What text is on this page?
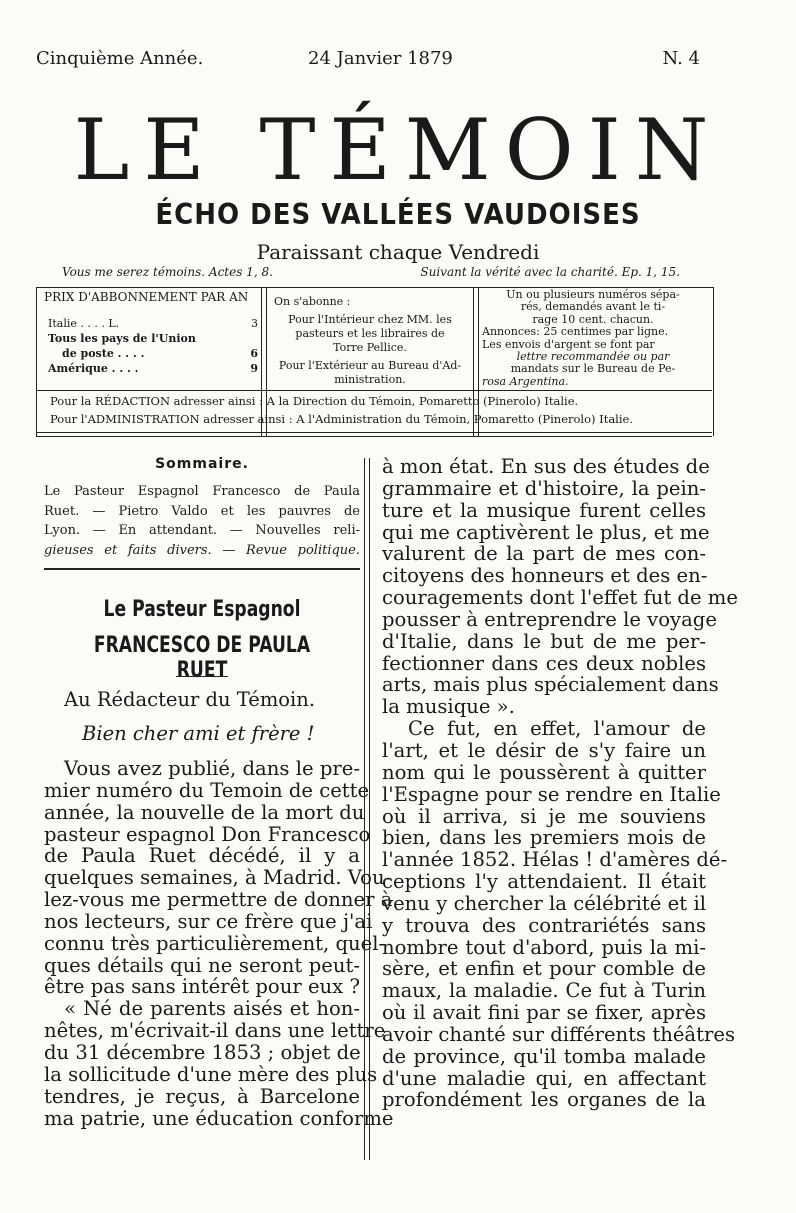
Cinquième Année.	24 Janvier 1879	N. 4
LE TÉMOIN
ÉCHO DES VALLÉES VAUDOISES
Paraissant chaque Vendredi
Vous me serez témoins. Actes 1, 8.	Suivant la vérité avec la charité. Ep. 1, 15.
PRIX D'ABBONNEMENT PAR AN
Italie . . . . L.	3
Tous les pays de l'Union
de poste . . . .	6
Amérique . . . .	9
On s'abonne :
Pour l'Intérieur chez MM. les
pasteurs et les libraires de
Torre Pellice.
Pour l'Extérieur au Bureau d'Ad-
ministration.
Un ou plusieurs numéros sépa-
rés, demandés avant le ti-
rage 10 cent. chacun.
Annonces: 25 centimes par ligne.
Les envois d'argent se font par
lettre recommandée ou par
mandats sur le Bureau de Pe-
rosa Argentina.
Pour la RÉDACTION adresser ainsi : A la Direction du Témoin, Pomaretto (Pinerolo) Italie.
Pour l'ADMINISTRATION adresser ainsi : A l'Administration du Témoin, Pomaretto (Pinerolo) Italie.
Sommaire.
Le Pasteur Espagnol Francesco de Paula
Ruet. — Pietro Valdo et les pauvres de
Lyon. — En attendant. — Nouvelles reli-
gieuses et faits divers. — Revue politique.
Le Pasteur Espagnol
FRANCESCO DE PAULA RUET
Au Rédacteur du Témoin.
Bien cher ami et frère !
Vous avez publié, dans le pre-
mier numéro du Temoin de cette
année, la nouvelle de la mort du
pasteur espagnol Don Francesco
de Paula Ruet décédé, il y a
quelques semaines, à Madrid. Vou-
lez-vous me permettre de donner à
nos lecteurs, sur ce frère que j'ai
connu très particulièrement, quel-
ques détails qui ne seront peut-
être pas sans intérêt pour eux ?
« Né de parents aisés et hon-
nêtes, m'écrivait-il dans une lettre
du 31 décembre 1853 ; objet de
la sollicitude d'une mère des plus
tendres, je reçus, à Barcelone
ma patrie, une éducation conforme
à mon état. En sus des études de
grammaire et d'histoire, la pein-
ture et la musique furent celles
qui me captivèrent le plus, et me
valurent de la part de mes con-
citoyens des honneurs et des en-
couragements dont l'effet fut de me
pousser à entreprendre le voyage
d'Italie, dans le but de me per-
fectionner dans ces deux nobles
arts, mais plus spécialement dans
la musique ».
Ce fut, en effet, l'amour de
l'art, et le désir de s'y faire un
nom qui le poussèrent à quitter
l'Espagne pour se rendre en Italie
où il arriva, si je me souviens
bien, dans les premiers mois de
l'année 1852. Hélas ! d'amères dé-
ceptions l'y attendaient. Il était
venu y chercher la célébrité et il
y trouva des contrariétés sans
nombre tout d'abord, puis la mi-
sère, et enfin et pour comble de
maux, la maladie. Ce fut à Turin
où il avait fini par se fixer, après
avoir chanté sur différents théâtres
de province, qu'il tomba malade
d'une maladie qui, en affectant
profondément les organes de la
